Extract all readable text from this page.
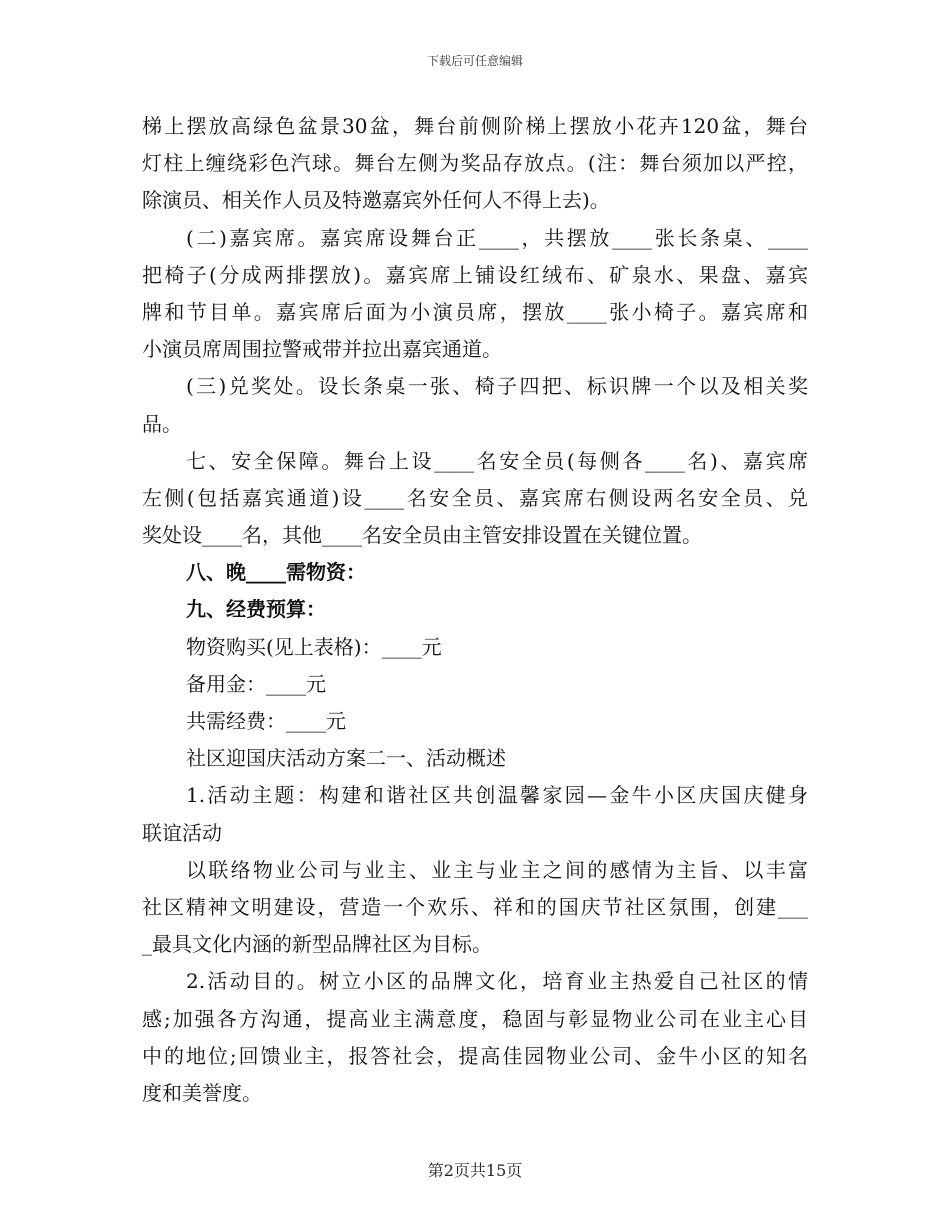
下载后可任意编辑
梯上摆放高绿色盆景30盆，舞台前侧阶梯上摆放小花卉120盆，舞台
灯柱上缠绕彩色汽球。舞台左侧为奖品存放点。(注：舞台须加以严控，
除演员、相关作人员及特邀嘉宾外任何人不得上去)。
(二)嘉宾席。嘉宾席设舞台正____，共摆放____张长条桌、____
把椅子(分成两排摆放)。嘉宾席上铺设红绒布、矿泉水、果盘、嘉宾
牌和节目单。嘉宾席后面为小演员席，摆放____张小椅子。嘉宾席和
小演员席周围拉警戒带并拉出嘉宾通道。
(三)兑奖处。设长条桌一张、椅子四把、标识牌一个以及相关奖
品。
七、安全保障。舞台上设____名安全员(每侧各____名)、嘉宾席
左侧(包括嘉宾通道)设____名安全员、嘉宾席右侧设两名安全员、兑
奖处设____名，其他____名安全员由主管安排设置在关键位置。
八、晚____需物资：
九、经费预算：
物资购买(见上表格)：____元
备用金：____元
共需经费：____元
社区迎国庆活动方案二一、活动概述
1.活动主题：构建和谐社区共创温馨家园—金牛小区庆国庆健身
联谊活动
以联络物业公司与业主、业主与业主之间的感情为主旨、以丰富
社区精神文明建设，营造一个欢乐、祥和的国庆节社区氛围，创建___
_最具文化内涵的新型品牌社区为目标。
2.活动目的。树立小区的品牌文化，培育业主热爱自己社区的情
感;加强各方沟通，提高业主满意度，稳固与彰显物业公司在业主心目
中的地位;回馈业主，报答社会，提高佳园物业公司、金牛小区的知名
度和美誉度。
第2页共15页
